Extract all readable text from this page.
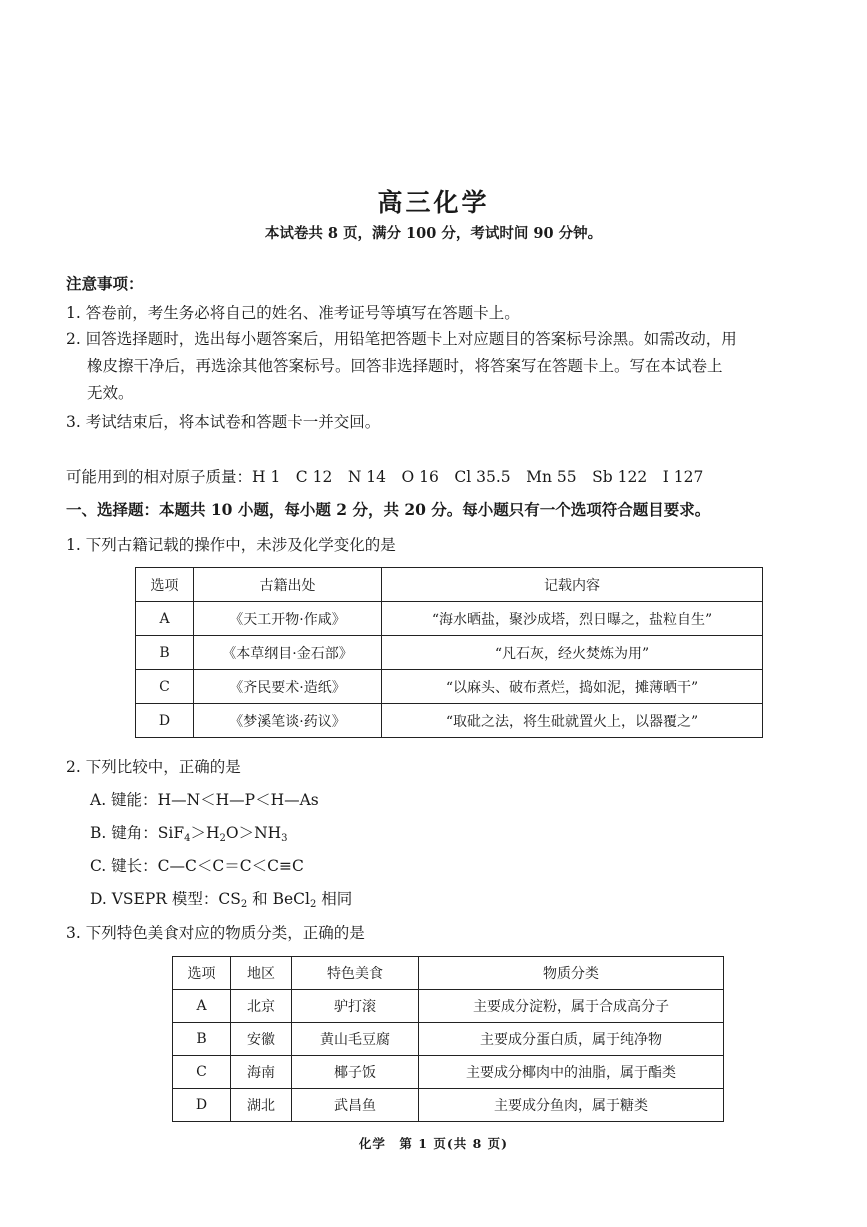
高三化学
本试卷共 8 页，满分 100 分，考试时间 90 分钟。
注意事项：
1. 答卷前，考生务必将自己的姓名、准考证号等填写在答题卡上。
2. 回答选择题时，选出每小题答案后，用铅笔把答题卡上对应题目的答案标号涂黑。如需改动，用
橡皮擦干净后，再选涂其他答案标号。回答非选择题时，将答案写在答题卡上。写在本试卷上
无效。
3. 考试结束后，将本试卷和答题卡一并交回。
可能用到的相对原子质量：H 1　C 12　N 14　O 16　Cl 35.5　Mn 55　Sb 122　I 127
一、选择题：本题共 10 小题，每小题 2 分，共 20 分。每小题只有一个选项符合题目要求。
1. 下列古籍记载的操作中，未涉及化学变化的是
选项	古籍出处	记载内容
A	《天工开物·作咸》	“海水晒盐，聚沙成塔，烈日曝之，盐粒自生”
B	《本草纲目·金石部》	“凡石灰，经火焚炼为用”
C	《齐民要术·造纸》	“以麻头、破布煮烂，捣如泥，摊薄晒干”
D	《梦溪笔谈·药议》	“取砒之法，将生砒就置火上，以器覆之”
2. 下列比较中，正确的是
A. 键能：H—N＜H—P＜H—As
B. 键角：$SiF_4>H_2O>NH_3$
C. 键长：C—C＜C＝C＜C≡C
D. VSEPR 模型：$CS_2$ 和 BeCl$_2$ 相同
3. 下列特色美食对应的物质分类，正确的是
选项	地区	特色美食	物质分类
A	北京	驴打滚	主要成分淀粉，属于合成高分子
B	安徽	黄山毛豆腐	主要成分蛋白质，属于纯净物
C	海南	椰子饭	主要成分椰肉中的油脂，属于酯类
D	湖北	武昌鱼	主要成分鱼肉，属于糖类
化学　第 1 页(共 8 页)
